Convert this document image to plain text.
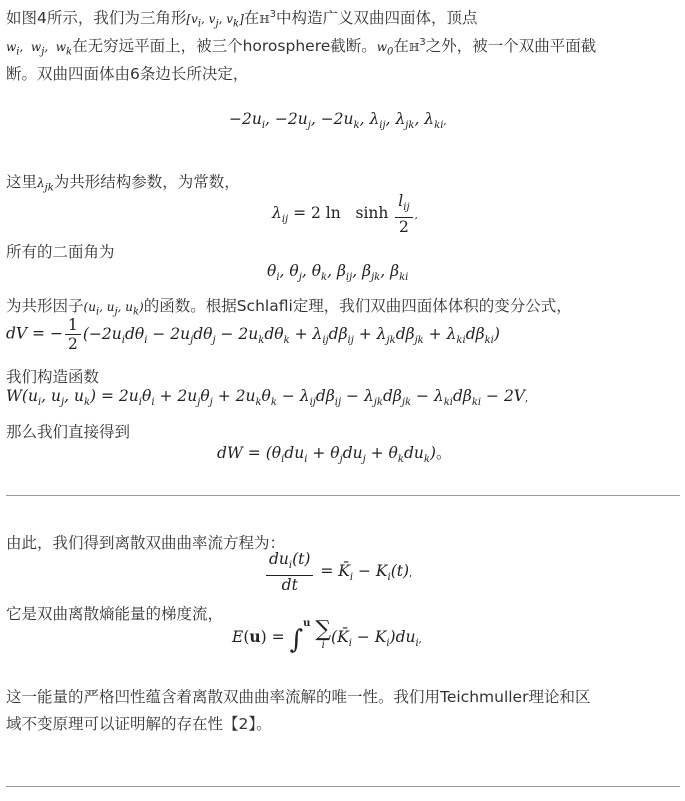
如图4所示，我们为三角形[$v_i$, $v_j$, $v_k$]在ℍ$^3$中构造广义双曲四面体，顶点
$w_i$,  $w_j$,  $w_k$在无穷远平面上，被三个horosphere截断。$w_0$在ℍ$^3$之外，被一个双曲平面截
断。双曲四面体由6条边长所决定，
$-2u_i$, $-2u_j$, $-2u_k$, $\lambda_{ij}$, $\lambda_{jk}$, $\lambda_{ki}$,
这里$\lambda_{jk}$为共形结构参数，为常数，
$\lambda_{ij} = 2$ $\ln \sinh \frac{l_{ij}}{2}$ ,
所有的二面角为
$\theta_i$, $\theta_j$, $\theta_k$, $\beta_{ij}$, $\beta_{jk}$, $\beta_{ki}$
为共形因子($u_i$, $u_j$, $u_k$)的函数。根据Schlafli定理，我们双曲四面体体积的变分公式，
dV = − $\frac{1}{2} (-2u_id\theta_i - 2u_jd\theta_j - 2u_kd\theta_k + \lambda_{ij}d\beta_{ij} + \lambda_{jk}d\beta_{jk} + \lambda_{ki}d\beta_{ki})$
我们构造函数
$W(u_i$, $u_j$, $u_k) = 2u_i\theta_i + 2u_j\theta_j + 2u_k\theta_k - \lambda_{ij}d\beta_{ij} - \lambda_{jk}d\beta_{jk} - \lambda_{ki}d\beta_{ki} - 2V$,
那么我们直接得到
dW = $(\theta_idu_i + \theta_jdu_j + \theta_kdu_k)$。
由此，我们得到离散双曲曲率流方程为：
$\frac{du_i(t)}{dt}$ = $K̄_i - K_i(t)$,
它是双曲离散熵能量的梯度流，
E(u) = ∫$^u$ ∑
i $(K̄_i - K_i)du_i$,
这一能量的严格凹性蕴含着离散双曲曲率流解的唯一性。我们用Teichmuller理论和区
域不变原理可以证明解的存在性【2】。
